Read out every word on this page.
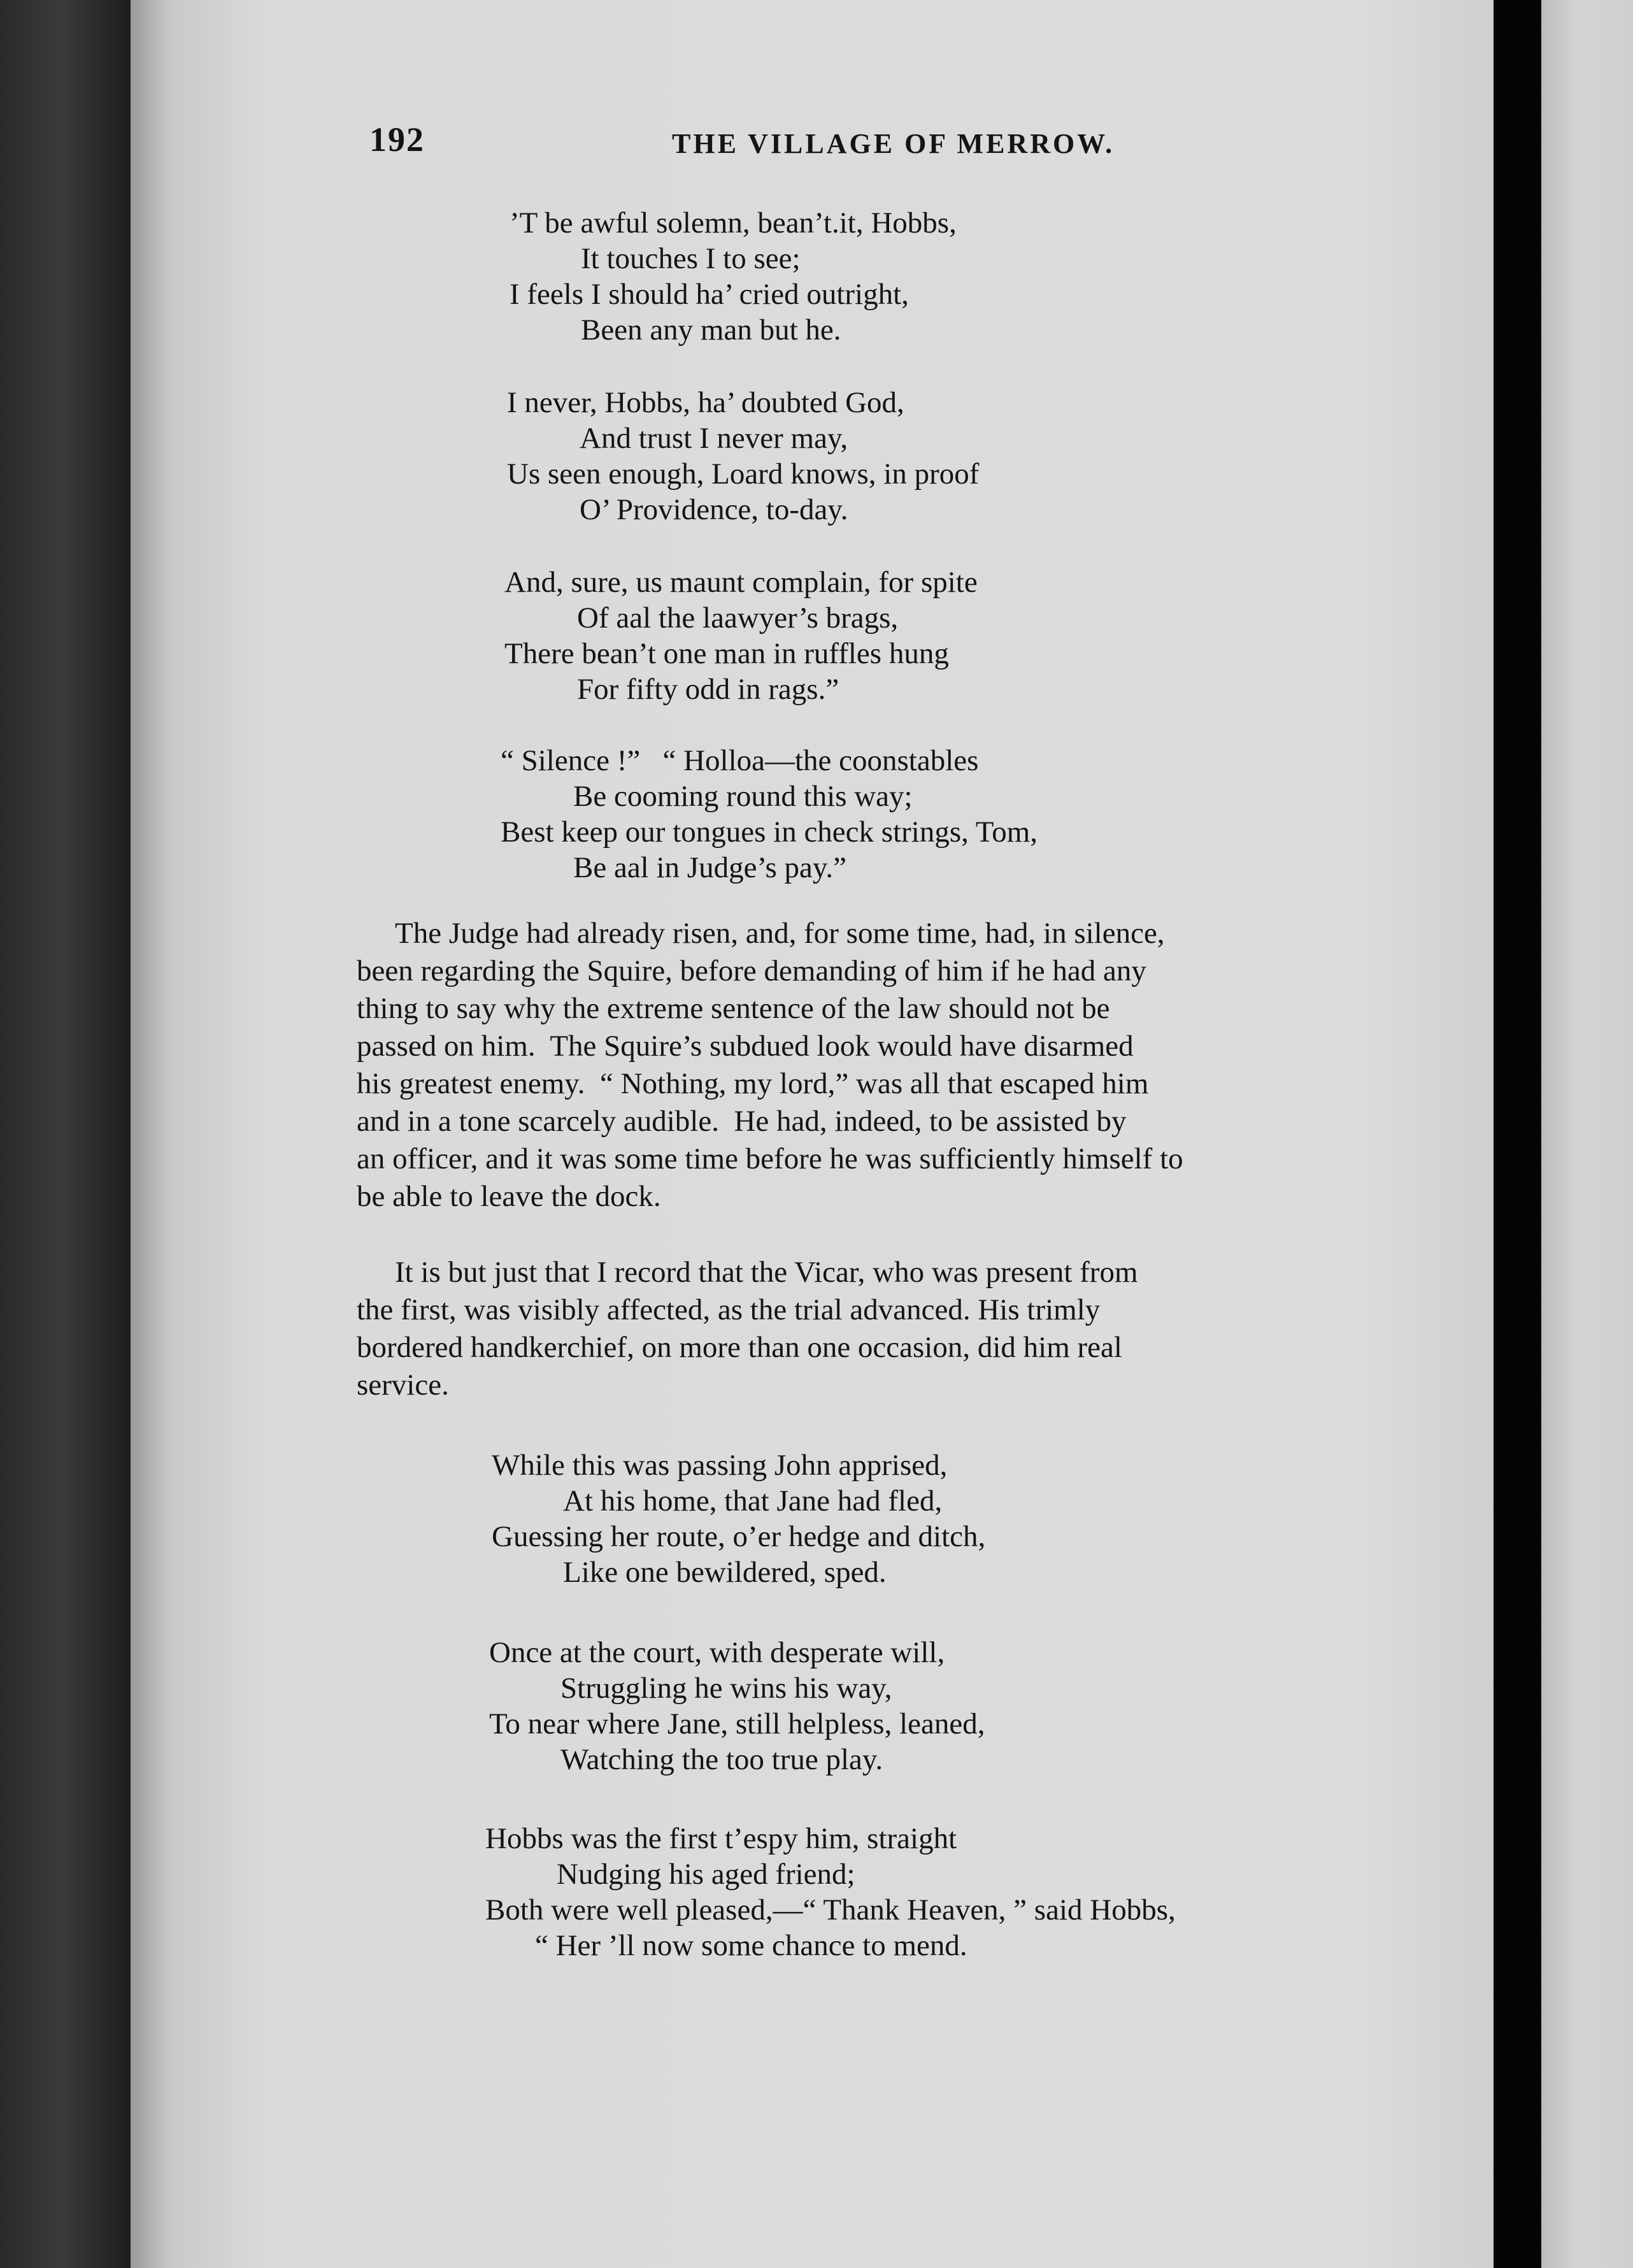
192	THE VILLAGE OF MERROW.
’T be awful solemn, bean’t.it, Hobbs,
It touches I to see;
I feels I should ha’ cried outright,
Been any man but he.
I never, Hobbs, ha’ doubted God,
And trust I never may,
Us seen enough, Loard knows, in proof
O’ Providence, to-day.
And, sure, us maunt complain, for spite
Of aal the laawyer’s brags,
There bean’t one man in ruffles hung
For fifty odd in rags.”
“ Silence !”   “ Holloa—the coonstables
Be cooming round this way;
Best keep our tongues in check strings, Tom,
Be aal in Judge’s pay.”
The Judge had already risen, and, for some time, had, in silence,
been regarding the Squire, before demanding of him if he had any
thing to say why the extreme sentence of the law should not be
passed on him.  The Squire’s subdued look would have disarmed
his greatest enemy.  “ Nothing, my lord,” was all that escaped him
and in a tone scarcely audible.  He had, indeed, to be assisted by
an officer, and it was some time before he was sufficiently himself to
be able to leave the dock.
It is but just that I record that the Vicar, who was present from
the first, was visibly affected, as the trial advanced. His trimly
bordered handkerchief, on more than one occasion, did him real
service.
While this was passing John apprised,
At his home, that Jane had fled,
Guessing her route, o’er hedge and ditch,
Like one bewildered, sped.
Once at the court, with desperate will,
Struggling he wins his way,
To near where Jane, still helpless, leaned,
Watching the too true play.
Hobbs was the first t’espy him, straight
Nudging his aged friend;
Both were well pleased,—“ Thank Heaven, ” said Hobbs,
“ Her ’ll now some chance to mend.
